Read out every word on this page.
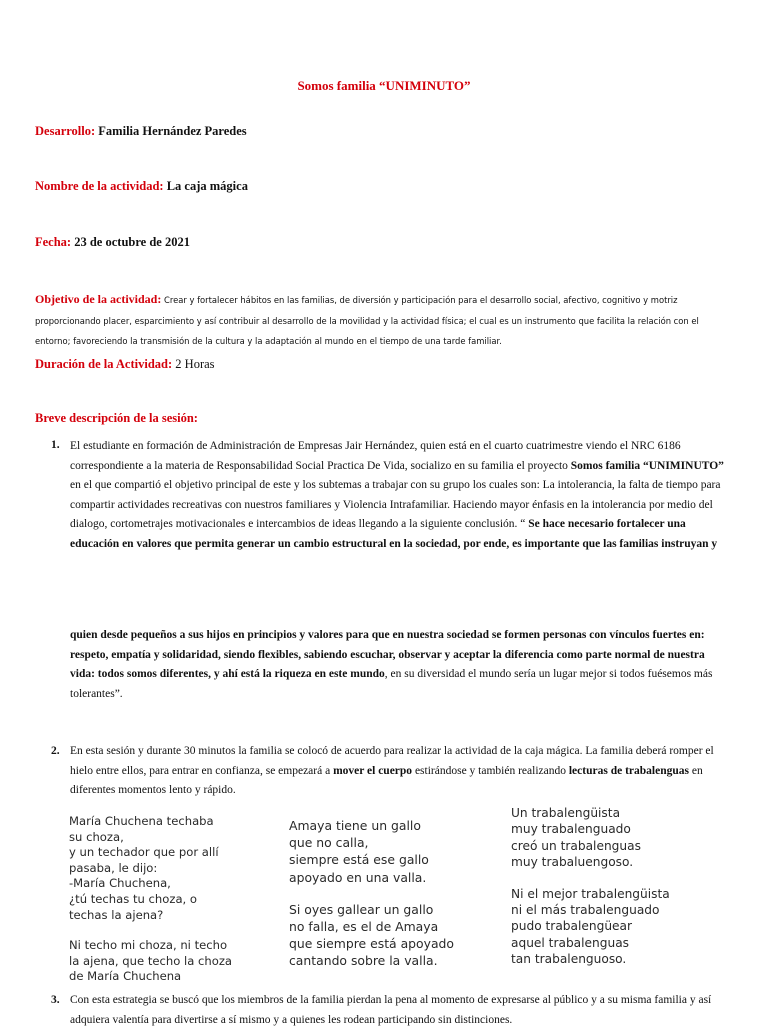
Somos familia “UNIMINUTO”
Desarrollo: Familia Hernández Paredes
Nombre de la actividad: La caja mágica
Fecha: 23 de octubre de 2021
Objetivo de la actividad: Crear y fortalecer hábitos en las familias, de diversión y participación para el desarrollo social, afectivo, cognitivo y motriz proporcionando placer, esparcimiento y así contribuir al desarrollo de la movilidad y la actividad física; el cual es un instrumento que facilita la relación con el entorno; favoreciendo la transmisión de la cultura y la adaptación al mundo en el tiempo de una tarde familiar.
Duración de la Actividad: 2 Horas
Breve descripción de la sesión:
1. El estudiante en formación de Administración de Empresas Jair Hernández, quien está en el cuarto cuatrimestre viendo el NRC 6186 correspondiente a la materia de Responsabilidad Social Practica De Vida, socializo en su familia el proyecto Somos familia “UNIMINUTO” en el que compartió el objetivo principal de este y los subtemas a trabajar con su grupo los cuales son: La intolerancia, la falta de tiempo para compartir actividades recreativas con nuestros familiares y Violencia Intrafamiliar. Haciendo mayor énfasis en la intolerancia por medio del dialogo, cortometrajes motivacionales e intercambios de ideas llegando a la siguiente conclusión. “ Se hace necesario fortalecer una educación en valores que permita generar un cambio estructural en la sociedad, por ende, es importante que las familias instruyan y
quien desde pequeños a sus hijos en principios y valores para que en nuestra sociedad se formen personas con vínculos fuertes en: respeto, empatía y solidaridad, siendo flexibles, sabiendo escuchar, observar y aceptar la diferencia como parte normal de nuestra vida: todos somos diferentes, y ahí está la riqueza en este mundo, en su diversidad el mundo sería un lugar mejor si todos fuésemos más tolerantes”.
2. En esta sesión y durante 30 minutos la familia se colocó de acuerdo para realizar la actividad de la caja mágica. La familia deberá romper el hielo entre ellos, para entrar en confianza, se empezará a mover el cuerpo estirándose y también realizando lecturas de trabalenguas en diferentes momentos lento y rápido.
María Chuchena techaba
su choza,
y un techador que por allí
pasaba, le dijo:
-María Chuchena,
¿tú techas tu choza, o
techas la ajena?
Ni techo mi choza, ni techo
la ajena, que techo la choza
de María Chuchena
Amaya tiene un gallo
que no calla,
siempre está ese gallo
apoyado en una valla.
Si oyes gallear un gallo
no falla, es el de Amaya
que siempre está apoyado
cantando sobre la valla.
Un trabalengüista
muy trabalenguado
creó un trabalenguas
muy trabaluengoso.
Ni el mejor trabalengüista
ni el más trabalenguado
pudo trabalengüear
aquel trabalenguas
tan trabalenguoso.
3. Con esta estrategia se buscó que los miembros de la familia pierdan la pena al momento de expresarse al público y a su misma familia y así adquiera valentía para divertirse a sí mismo y a quienes les rodean participando sin distinciones.
